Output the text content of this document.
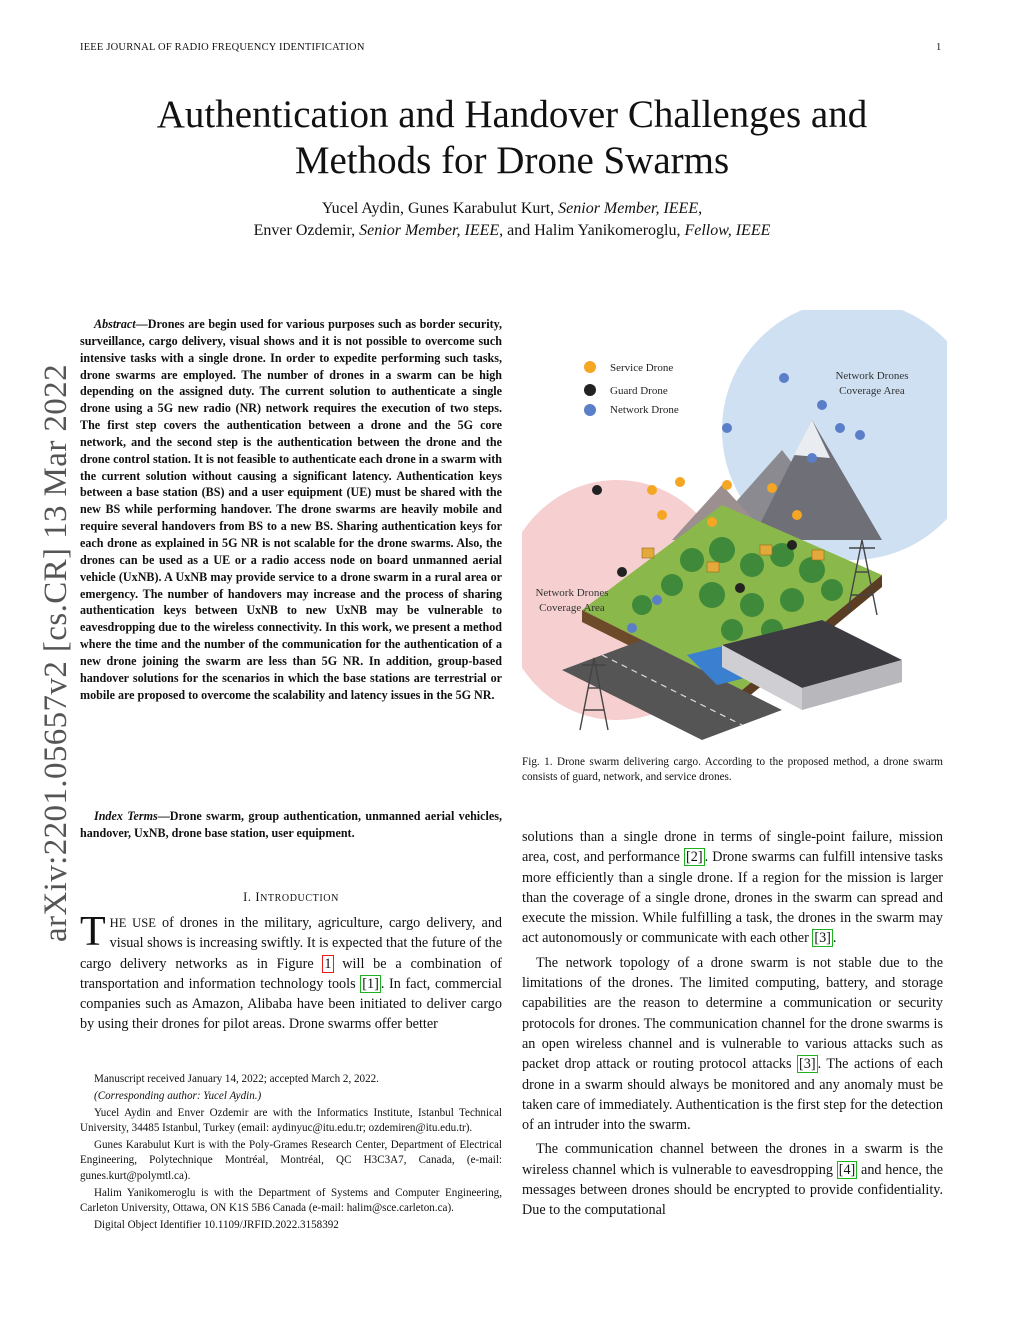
IEEE JOURNAL OF RADIO FREQUENCY IDENTIFICATION	1
Authentication and Handover Challenges and Methods for Drone Swarms
Yucel Aydin, Gunes Karabulut Kurt, Senior Member, IEEE,
Enver Ozdemir, Senior Member, IEEE, and Halim Yanikomeroglu, Fellow, IEEE
arXiv:2201.05657v2 [cs.CR] 13 Mar 2022
Abstract—Drones are begin used for various purposes such as border security, surveillance, cargo delivery, visual shows and it is not possible to overcome such intensive tasks with a single drone. In order to expedite performing such tasks, drone swarms are employed. The number of drones in a swarm can be high depending on the assigned duty. The current solution to authenticate a single drone using a 5G new radio (NR) network requires the execution of two steps. The first step covers the authentication between a drone and the 5G core network, and the second step is the authentication between the drone and the drone control station. It is not feasible to authenticate each drone in a swarm with the current solution without causing a significant latency. Authentication keys between a base station (BS) and a user equipment (UE) must be shared with the new BS while performing handover. The drone swarms are heavily mobile and require several handovers from BS to a new BS. Sharing authentication keys for each drone as explained in 5G NR is not scalable for the drone swarms. Also, the drones can be used as a UE or a radio access node on board unmanned aerial vehicle (UxNB). A UxNB may provide service to a drone swarm in a rural area or emergency. The number of handovers may increase and the process of sharing authentication keys between UxNB to new UxNB may be vulnerable to eavesdropping due to the wireless connectivity. In this work, we present a method where the time and the number of the communication for the authentication of a new drone joining the swarm are less than 5G NR. In addition, group-based handover solutions for the scenarios in which the base stations are terrestrial or mobile are proposed to overcome the scalability and latency issues in the 5G NR.
Index Terms—Drone swarm, group authentication, unmanned aerial vehicles, handover, UxNB, drone base station, user equipment.
I. INTRODUCTION
THE USE of drones in the military, agriculture, cargo delivery, and visual shows is increasing swiftly. It is expected that the future of the cargo delivery networks as in Figure 1 will be a combination of transportation and information technology tools [1] . In fact, commercial companies such as Amazon, Alibaba have been initiated to deliver cargo by using their drones for pilot areas. Drone swarms offer better

Manuscript received January 14, 2022; accepted March 2, 2022.

(Corresponding author: Yucel Aydin.)

Yucel Aydin and Enver Ozdemir are with the Informatics Institute, Istanbul Technical University, 34485 Istanbul, Turkey (email: aydinyuc@itu.edu.tr; ozdemiren@itu.edu.tr).

Gunes Karabulut Kurt is with the Poly-Grames Research Center, Department of Electrical Engineering, Polytechnique Montréal, Montréal, QC H3C3A7, Canada, (e-mail: gunes.kurt@polymtl.ca).

Halim Yanikomeroglu is with the Department of Systems and Computer Engineering, Carleton University, Ottawa, ON K1S 5B6 Canada (e-mail: halim@sce.carleton.ca).

Digital Object Identifier 10.1109/JRFID.2022.3158392

Service Drone
Guard Drone
Network Drone
Network Drones
Coverage Area
Network Drones
Coverage Area
Fig. 1. Drone swarm delivering cargo. According to the proposed method, a drone swarm consists of guard, network, and service drones.

solutions than a single drone in terms of single-point failure, mission area, cost, and performance [2] . Drone swarms can fulfill intensive tasks more efficiently than a single drone. If a region for the mission is larger than the coverage of a single drone, drones in the swarm can spread and execute the mission. While fulfilling a task, the drones in the swarm may act autonomously or communicate with each other [3] .

The network topology of a drone swarm is not stable due to the limitations of the drones. The limited computing, battery, and storage capabilities are the reason to determine a communication or security protocols for drones. The communication channel for the drone swarms is an open wireless channel and is vulnerable to various attacks such as packet drop attack or routing protocol attacks [3] . The actions of each drone in a swarm should always be monitored and any anomaly must be taken care of immediately. Authentication is the first step for the detection of an intruder into the swarm.

The communication channel between the drones in a swarm is the wireless channel which is vulnerable to eavesdropping [4] and hence, the messages between drones should be encrypted to provide confidentiality. Due to the computational
